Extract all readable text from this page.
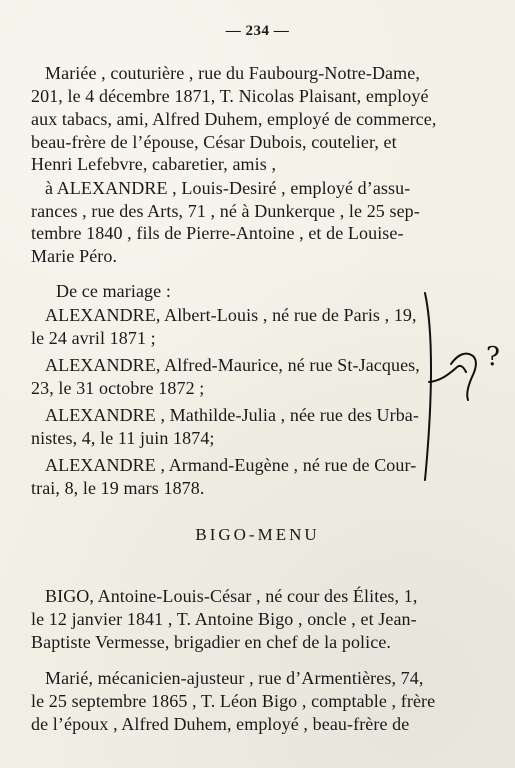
— 234 —
Mariée , couturière , rue du Faubourg-Notre-Dame,
201, le 4 décembre 1871, T. Nicolas Plaisant, employé
aux tabacs, ami, Alfred Duhem, employé de commerce,
beau-frère de l’épouse, César Dubois, coutelier, et
Henri Lefebvre, cabaretier, amis ,
à ALEXANDRE , Louis-Desiré , employé d’assu-
rances , rue des Arts, 71 , né à Dunkerque , le 25 sep-
tembre 1840 , fils de Pierre-Antoine , et de Louise-
Marie Péro.
De ce mariage :
ALEXANDRE, Albert-Louis , né rue de Paris , 19,
le 24 avril 1871 ;
ALEXANDRE, Alfred-Maurice, né rue St-Jacques,
23, le 31 octobre 1872 ;
ALEXANDRE , Mathilde-Julia , née rue des Urba-
nistes, 4, le 11 juin 1874;
ALEXANDRE , Armand-Eugène , né rue de Cour-
trai, 8, le 19 mars 1878.
BIGO-MENU
BIGO, Antoine-Louis-César , né cour des Élites, 1,
le 12 janvier 1841 , T. Antoine Bigo , oncle , et Jean-
Baptiste Vermesse, brigadier en chef de la police.
Marié, mécanicien-ajusteur , rue d’Armentières, 74,
le 25 septembre 1865 , T. Léon Bigo , comptable , frère
de l’époux , Alfred Duhem, employé , beau-frère de
?
